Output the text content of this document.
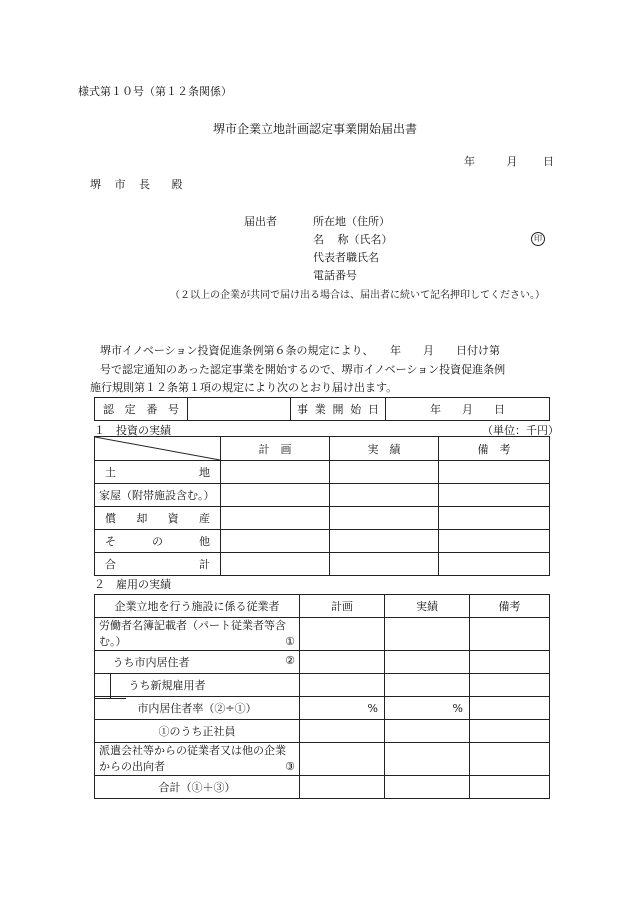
様式第１０号（第１２条関係）
堺市企業立地計画認定事業開始届出書
年	月 日
堺 市 長 殿
届出者	所在地（住所）
名 称（氏名）	印
代表者職氏名
電話番号
（２以上の企業が共同で届け出る場合は、届出者に続いて記名押印してください。）
堺市イノベーション投資促進条例第６条の規定により、　　年　　月　　日付け第
号で認定通知のあった認定事業を開始するので、堺市イノベーション投資促進条例
施行規則第１２条第１項の規定により次のとおり届け出ます。
認 定 番 号		事 業 開 始 日	年 月 日
１　投資の実績	（単位：千円）
	計　画	実　績	備　考

土 地			

家屋（附帯施設含む。）			

償 却 資 産			

そ の 他			

合 計			

２　雇用の実績
企業立地を行う施設に係る従業者	計画	実績	備考

労働者名簿記載者（パート従業者等含
む。） ①			

うち市内居住者 ②			

うち新規雇用者			
市内居住者率（②÷①）	%	%	
①のうち正社員			

派遣会社等からの従業者又は他の企業
からの出向者 ③			

合計（①＋③）			
